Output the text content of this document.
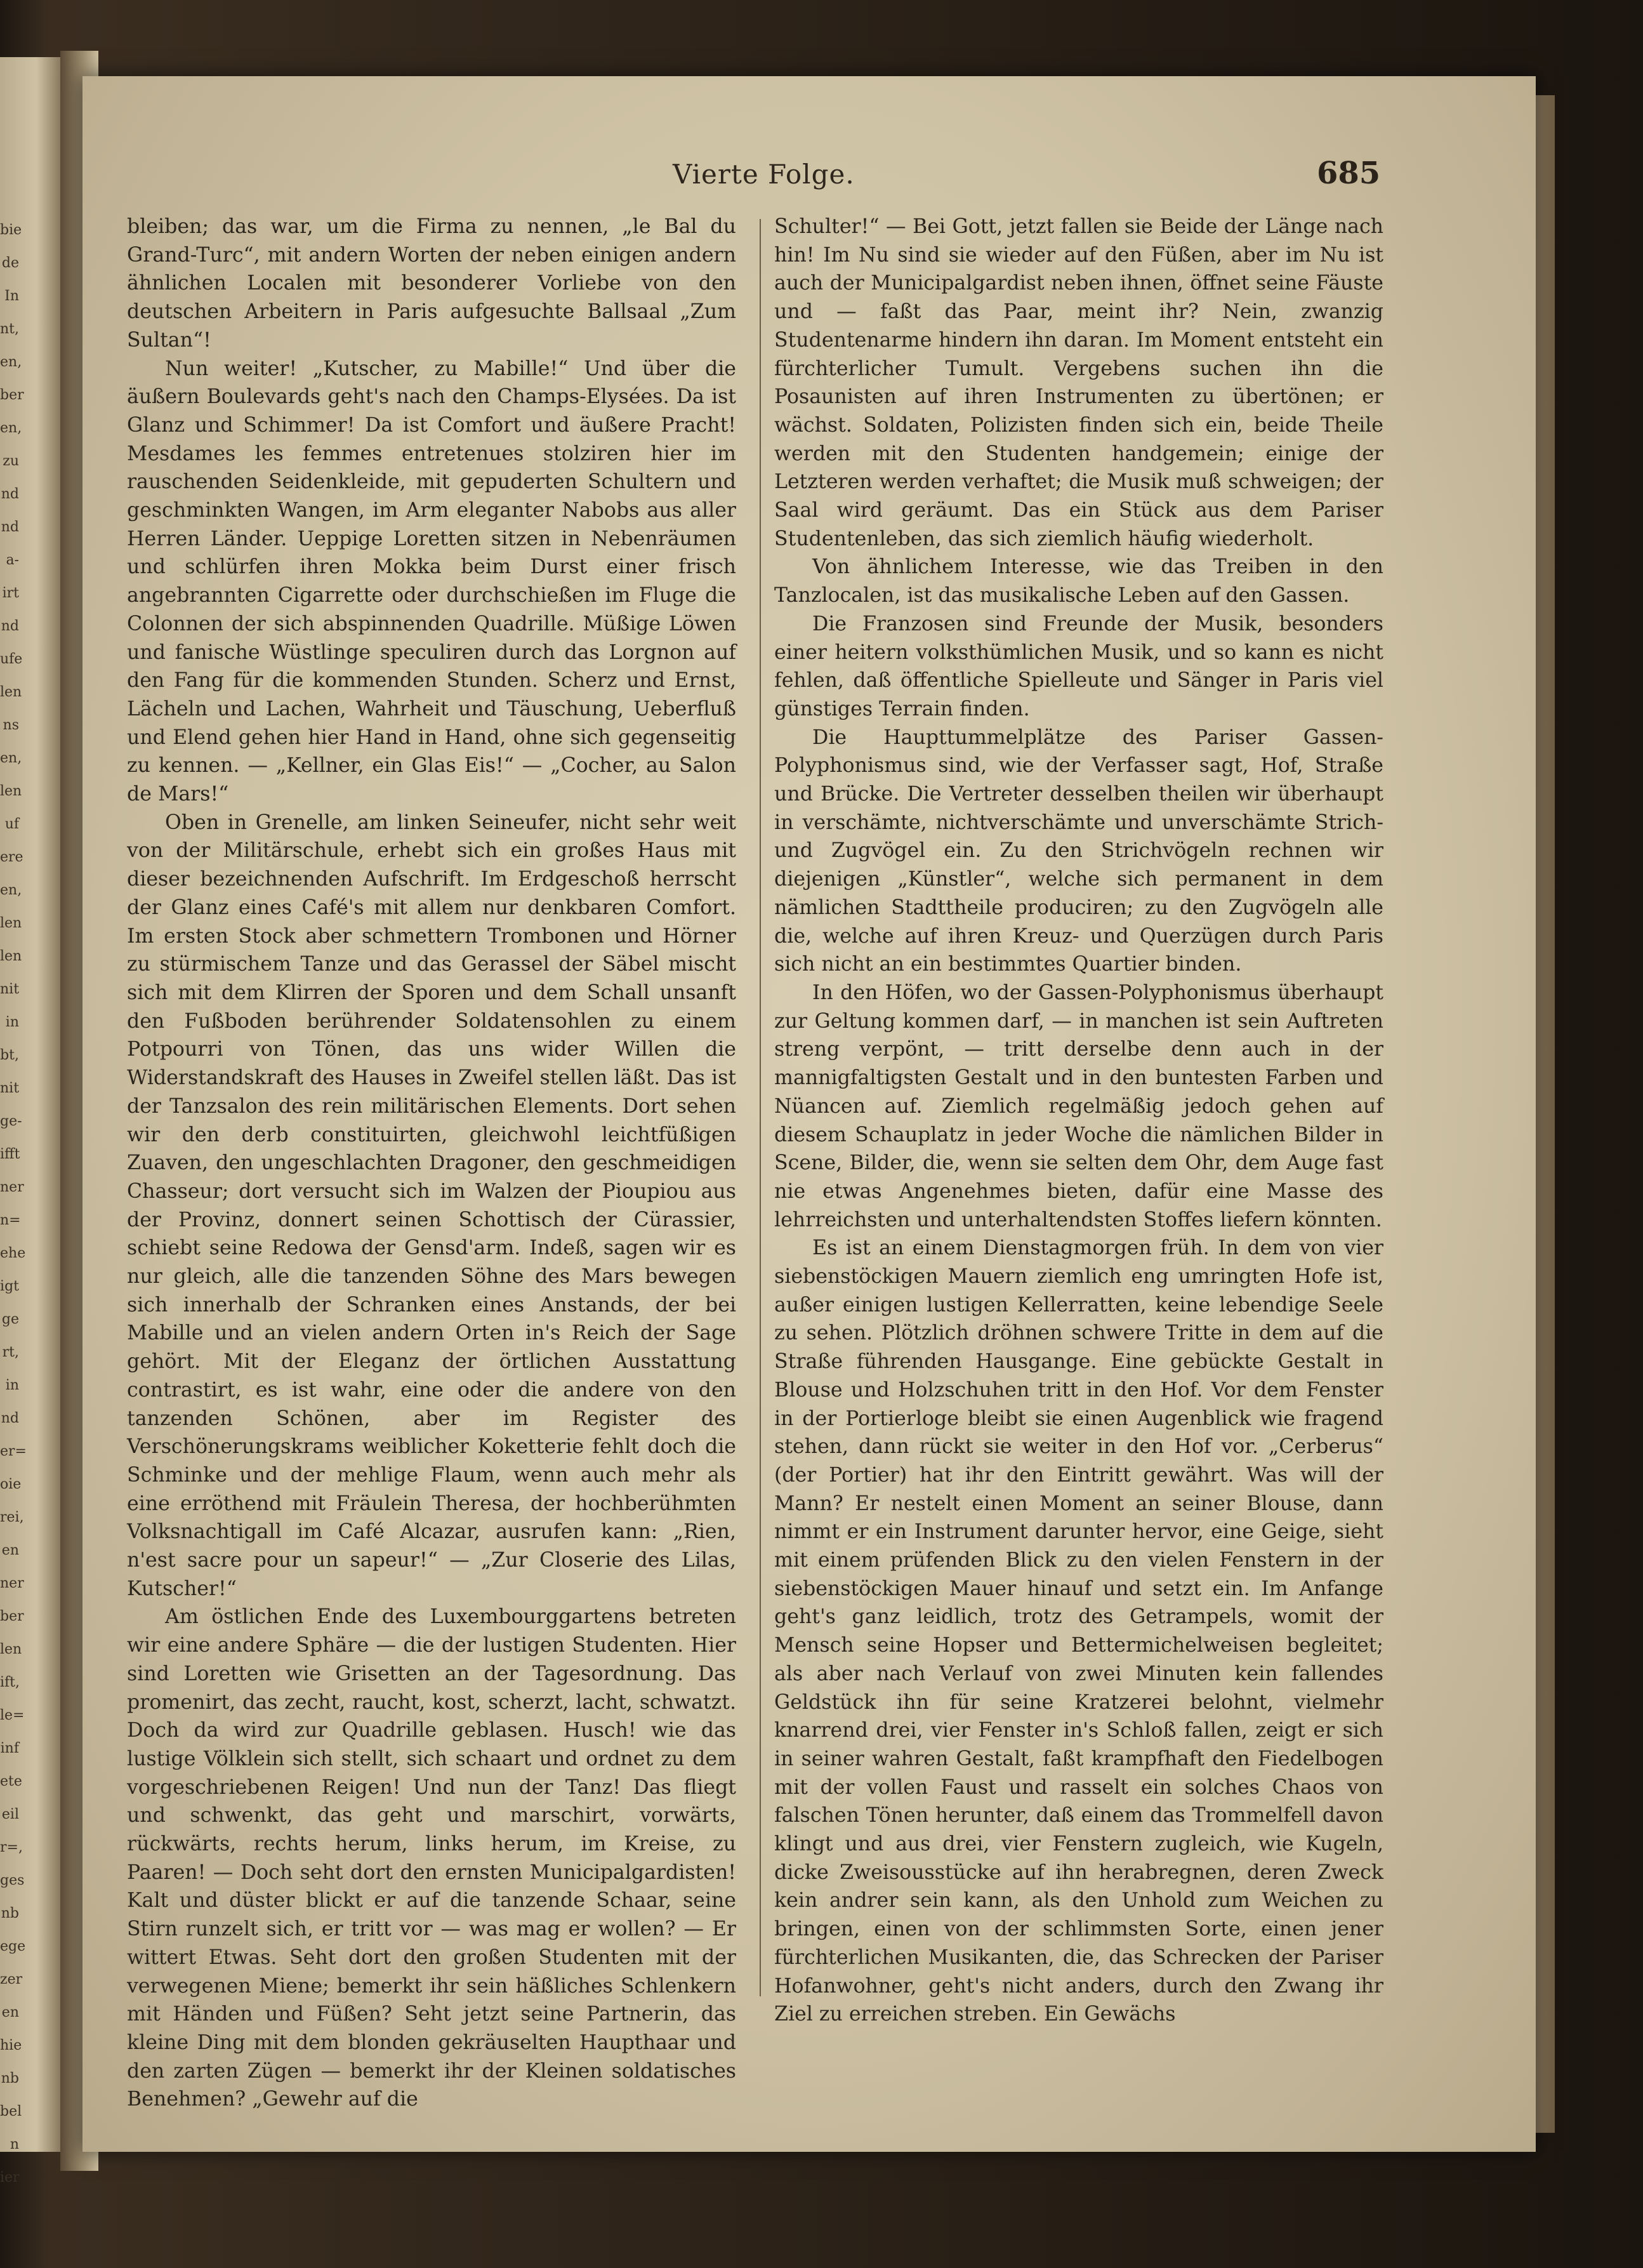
bie
de
In
nt,
en,
ber
en,
zu
nd
nd
a-
irt
nd
ufe
len
ns
en,
len
uf
ere
en,
len
len
nit
in
bt,
nit
ge-
ifft
ner
n=
ehe
igt
ge
rt,
in
nd
er=
oie
rei,
en
ner
ber
len
ift,
le=
inf
ete
eil
r=,
ges
nb
ege
zer
en
hie
nb
bel
n
ier
Vierte Folge.	685

bleiben; das war, um die Firma zu nennen, „le Bal du Grand-Turc“, mit andern Worten der neben einigen andern ähnlichen Localen mit besonderer Vorliebe von den deutschen Arbeitern in Paris aufgesuchte Ballsaal „Zum Sultan“!

Nun weiter! „Kutscher, zu Mabille!“ Und über die äußern Boulevards geht's nach den Champs-Elysées. Da ist Glanz und Schimmer! Da ist Comfort und äußere Pracht! Mesdames les femmes entretenues stolziren hier im rauschenden Seidenkleide, mit gepuderten Schultern und geschminkten Wangen, im Arm eleganter Nabobs aus aller Herren Länder. Ueppige Loretten sitzen in Nebenräumen und schlürfen ihren Mokka beim Durst einer frisch angebrannten Cigarrette oder durchschießen im Fluge die Colonnen der sich abspinnenden Quadrille. Müßige Löwen und fanische Wüstlinge speculiren durch das Lorgnon auf den Fang für die kommenden Stunden. Scherz und Ernst, Lächeln und Lachen, Wahrheit und Täuschung, Ueberfluß und Elend gehen hier Hand in Hand, ohne sich gegenseitig zu kennen. — „Kellner, ein Glas Eis!“ — „Cocher, au Salon de Mars!“

Oben in Grenelle, am linken Seineufer, nicht sehr weit von der Militärschule, erhebt sich ein großes Haus mit dieser bezeichnenden Aufschrift. Im Erdgeschoß herrscht der Glanz eines Café's mit allem nur denkbaren Comfort. Im ersten Stock aber schmettern Trombonen und Hörner zu stürmischem Tanze und das Gerassel der Säbel mischt sich mit dem Klirren der Sporen und dem Schall unsanft den Fußboden berührender Soldatensohlen zu einem Potpourri von Tönen, das uns wider Willen die Widerstandskraft des Hauses in Zweifel stellen läßt. Das ist der Tanzsalon des rein militärischen Elements. Dort sehen wir den derb constituirten, gleichwohl leichtfüßigen Zuaven, den ungeschlachten Dragoner, den geschmeidigen Chasseur; dort versucht sich im Walzen der Pioupiou aus der Provinz, donnert seinen Schottisch der Cürassier, schiebt seine Redowa der Gensd'arm. Indeß, sagen wir es nur gleich, alle die tanzenden Söhne des Mars bewegen sich innerhalb der Schranken eines Anstands, der bei Mabille und an vielen andern Orten in's Reich der Sage gehört. Mit der Eleganz der örtlichen Ausstattung contrastirt, es ist wahr, eine oder die andere von den tanzenden Schönen, aber im Register des Verschönerungskrams weiblicher Koketterie fehlt doch die Schminke und der mehlige Flaum, wenn auch mehr als eine erröthend mit Fräulein Theresa, der hochberühmten Volksnachtigall im Café Alcazar, ausrufen kann: „Rien, n'est sacre pour un sapeur!“ — „Zur Closerie des Lilas, Kutscher!“

Am östlichen Ende des Luxembourggartens betreten wir eine andere Sphäre — die der lustigen Studenten. Hier sind Loretten wie Grisetten an der Tagesordnung. Das promenirt, das zecht, raucht, kost, scherzt, lacht, schwatzt. Doch da wird zur Quadrille geblasen. Husch! wie das lustige Völklein sich stellt, sich schaart und ordnet zu dem vorgeschriebenen Reigen! Und nun der Tanz! Das fliegt und schwenkt, das geht und marschirt, vorwärts, rückwärts, rechts herum, links herum, im Kreise, zu Paaren! — Doch seht dort den ernsten Municipalgardisten! Kalt und düster blickt er auf die tanzende Schaar, seine Stirn runzelt sich, er tritt vor — was mag er wollen? — Er wittert Etwas. Seht dort den großen Studenten mit der verwegenen Miene; bemerkt ihr sein häßliches Schlenkern mit Händen und Füßen? Seht jetzt seine Partnerin, das kleine Ding mit dem blonden gekräuselten Haupthaar und den zarten Zügen — bemerkt ihr der Kleinen soldatisches Benehmen? „Gewehr auf die

Schulter!“ — Bei Gott, jetzt fallen sie Beide der Länge nach hin! Im Nu sind sie wieder auf den Füßen, aber im Nu ist auch der Municipalgardist neben ihnen, öffnet seine Fäuste und — faßt das Paar, meint ihr? Nein, zwanzig Studentenarme hindern ihn daran. Im Moment entsteht ein fürchterlicher Tumult. Vergebens suchen ihn die Posaunisten auf ihren Instrumenten zu übertönen; er wächst. Soldaten, Polizisten finden sich ein, beide Theile werden mit den Studenten handgemein; einige der Letzteren werden verhaftet; die Musik muß schweigen; der Saal wird geräumt. Das ein Stück aus dem Pariser Studentenleben, das sich ziemlich häufig wiederholt.

Von ähnlichem Interesse, wie das Treiben in den Tanzlocalen, ist das musikalische Leben auf den Gassen.

Die Franzosen sind Freunde der Musik, besonders einer heitern volksthümlichen Musik, und so kann es nicht fehlen, daß öffentliche Spielleute und Sänger in Paris viel günstiges Terrain finden.

Die Haupttummelplätze des Pariser Gassen-Polyphonismus sind, wie der Verfasser sagt, Hof, Straße und Brücke. Die Vertreter desselben theilen wir überhaupt in verschämte, nichtverschämte und unverschämte Strich- und Zugvögel ein. Zu den Strichvögeln rechnen wir diejenigen „Künstler“, welche sich permanent in dem nämlichen Stadttheile produciren; zu den Zugvögeln alle die, welche auf ihren Kreuz- und Querzügen durch Paris sich nicht an ein bestimmtes Quartier binden.

In den Höfen, wo der Gassen-Polyphonismus überhaupt zur Geltung kommen darf, — in manchen ist sein Auftreten streng verpönt, — tritt derselbe denn auch in der mannigfaltigsten Gestalt und in den buntesten Farben und Nüancen auf. Ziemlich regelmäßig jedoch gehen auf diesem Schauplatz in jeder Woche die nämlichen Bilder in Scene, Bilder, die, wenn sie selten dem Ohr, dem Auge fast nie etwas Angenehmes bieten, dafür eine Masse des lehrreichsten und unterhaltendsten Stoffes liefern könnten.

Es ist an einem Dienstagmorgen früh. In dem von vier siebenstöckigen Mauern ziemlich eng umringten Hofe ist, außer einigen lustigen Kellerratten, keine lebendige Seele zu sehen. Plötzlich dröhnen schwere Tritte in dem auf die Straße führenden Hausgange. Eine gebückte Gestalt in Blouse und Holzschuhen tritt in den Hof. Vor dem Fenster in der Portierloge bleibt sie einen Augenblick wie fragend stehen, dann rückt sie weiter in den Hof vor. „Cerberus“ (der Portier) hat ihr den Eintritt gewährt. Was will der Mann? Er nestelt einen Moment an seiner Blouse, dann nimmt er ein Instrument darunter hervor, eine Geige, sieht mit einem prüfenden Blick zu den vielen Fenstern in der siebenstöckigen Mauer hinauf und setzt ein. Im Anfange geht's ganz leidlich, trotz des Getrampels, womit der Mensch seine Hopser und Bettermichelweisen begleitet; als aber nach Verlauf von zwei Minuten kein fallendes Geldstück ihn für seine Kratzerei belohnt, vielmehr knarrend drei, vier Fenster in's Schloß fallen, zeigt er sich in seiner wahren Gestalt, faßt krampfhaft den Fiedelbogen mit der vollen Faust und rasselt ein solches Chaos von falschen Tönen herunter, daß einem das Trommelfell davon klingt und aus drei, vier Fenstern zugleich, wie Kugeln, dicke Zweisousstücke auf ihn herabregnen, deren Zweck kein andrer sein kann, als den Unhold zum Weichen zu bringen, einen von der schlimmsten Sorte, einen jener fürchterlichen Musikanten, die, das Schrecken der Pariser Hofanwohner, geht's nicht anders, durch den Zwang ihr Ziel zu erreichen streben. Ein Gewächs
